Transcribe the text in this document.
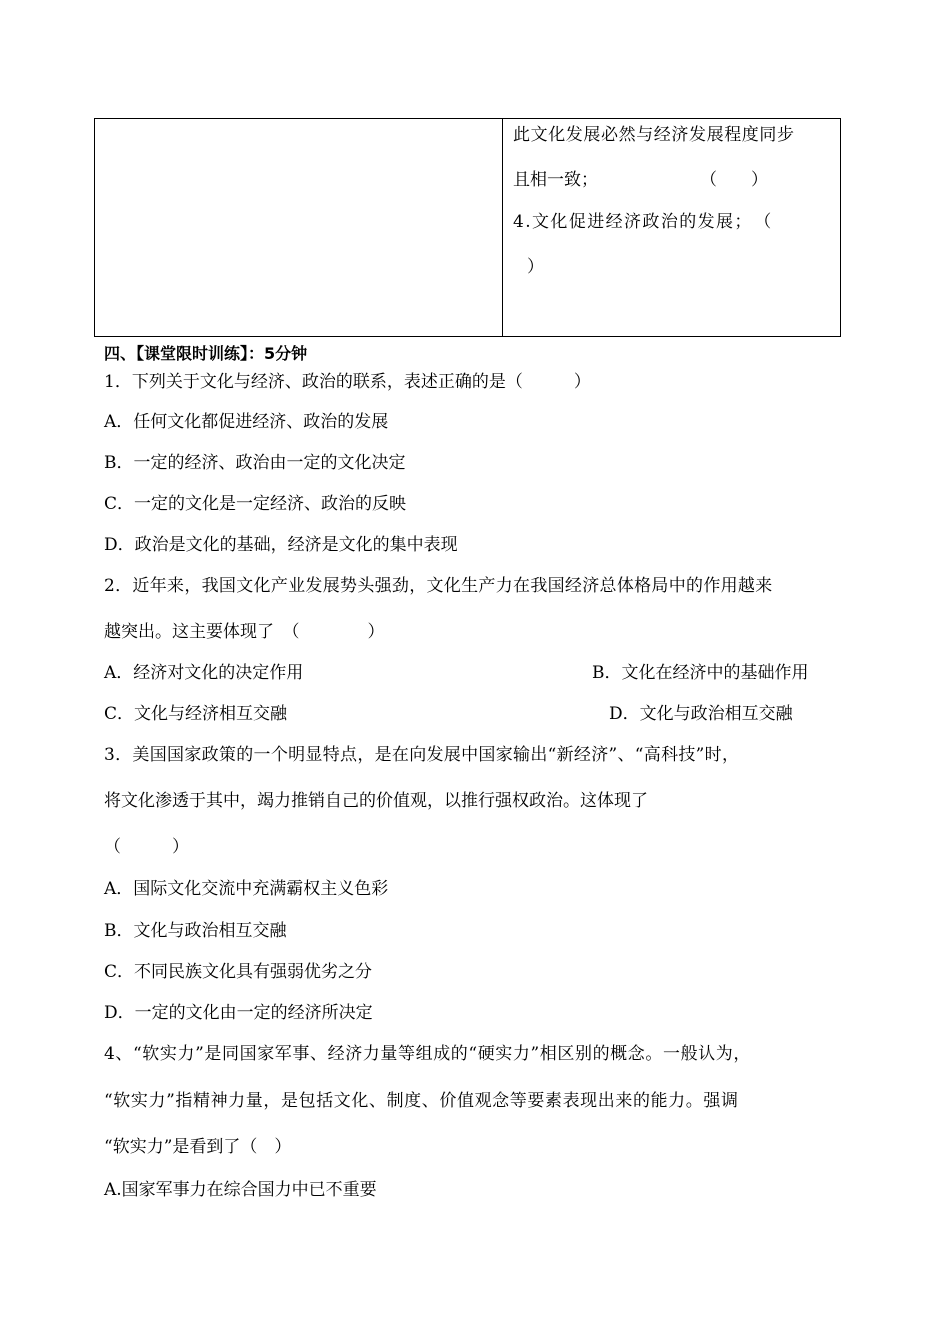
此文化发展必然与经济发展程度同步
且相一致；　　　　　　　（　　）
4.文化促进经济政治的发展；　（
）
四、【课堂限时训练】：5分钟
1．下列关于文化与经济、政治的联系，表述正确的是（　　　）
A．任何文化都促进经济、政治的发展
B．一定的经济、政治由一定的文化决定
C．一定的文化是一定经济、政治的反映
D．政治是文化的基础，经济是文化的集中表现
2．近年来，我国文化产业发展势头强劲，文化生产力在我国经济总体格局中的作用越来
越突出。这主要体现了　（　　　　）
A．经济对文化的决定作用	B．文化在经济中的基础作用
C．文化与经济相互交融	D．文化与政治相互交融
3．美国国家政策的一个明显特点，是在向发展中国家输出“新经济”、“高科技”时，
将文化渗透于其中，竭力推销自己的价值观，以推行强权政治。这体现了
（　　　）
A．国际文化交流中充满霸权主义色彩
B．文化与政治相互交融
C．不同民族文化具有强弱优劣之分
D．一定的文化由一定的经济所决定
4、“软实力”是同国家军事、经济力量等组成的“硬实力”相区别的概念。一般认为，
“软实力”指精神力量，是包括文化、制度、价值观念等要素表现出来的能力。强调
“软实力”是看到了（　）
A.国家军事力在综合国力中已不重要
